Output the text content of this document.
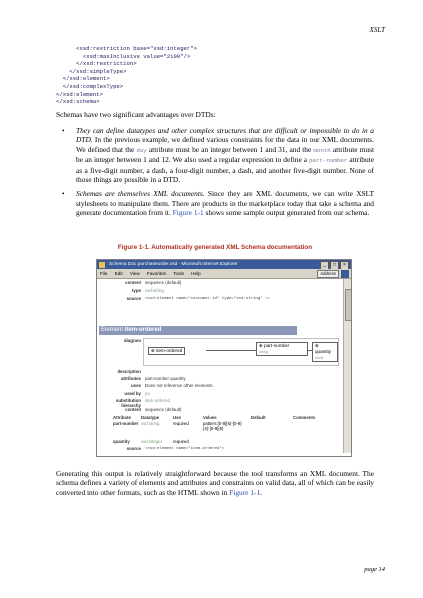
XSLT
<xsd:restriction base="xsd:integer">
<xsd:maxInclusive value="2100"/>
</xsd:restriction>
</xsd:simpleType>
</xsd:element>
</xsd:complexType>
</xsd:element>
</xsd:schema>
Schemas have two significant advantages over DTDs:
• They can define datatypes and other complex structures that are difficult or impossible to do in a DTD. In the previous example, we defined various constraints for the data in our XML documents. We defined that the day attribute must be an integer between 1 and 31, and the month attribute must be an integer between 1 and 12. We also used a regular expression to define a part-number attribute as a five-digit number, a dash, a four-digit number, a dash, and another five-digit number. None of those things are possible in a DTD.
• Schemas are themselves XML documents. Since they are XML documents, we can write XSLT stylesheets to manipulate them. There are products in the marketplace today that take a schema and generate documentation from it. Figure 1-1 shows some sample output generated from our schema.
Figure 1-1. Automatically generated XML Schema documentation
Schema Doc purchaseorder.xsd - Microsoft Internet Explorer	_	□	×
File Edit View Favorites Tools Help	Address
content sequence (default)
type xsd:string
source <xsd:element name="customer-id" type="xsd:string" />
Element item-ordered
diagram
⊕ item-ordered
⊕ part-number
string
⊕ quantity
short
description
attributes part-number quantity
uses Does not reference other elements.
used by po
substitution hierarchy
item-ordered
content sequence (default)
Attribute Datatype	Use	Values	Default	Comments
part-number xsd:string	required	pattern:[0-9]{5}-[0-9]{4}-[0-9]{5}
quantity	xsd:integer	required
source <xsd:element name="item-ordered">
Generating this output is relatively straightforward because the tool transforms an XML document. The schema defines a variety of elements and attributes and constraints on valid data, all of which can be easily converted into other formats, such as the HTML shown in Figure 1-1.
page 14
